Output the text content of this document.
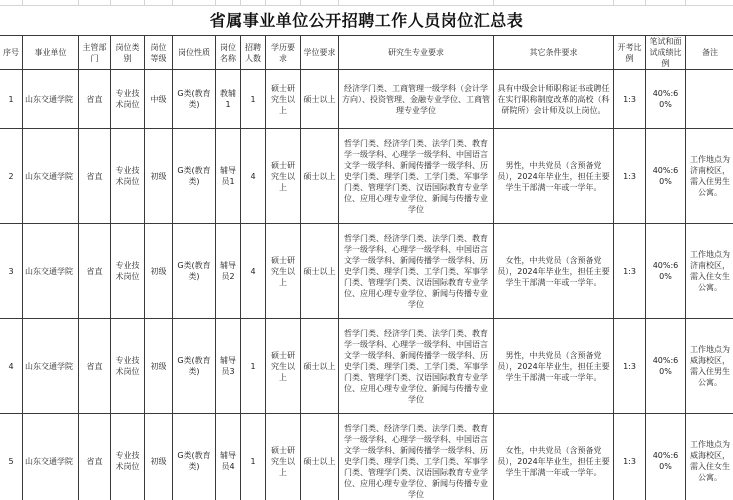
省属事业单位公开招聘工作人员岗位汇总表
序号	事业单位	主管部门	岗位类别	岗位等级	岗位性质	岗位名称	招聘人数	学历要求	学位要求	研究生专业要求	其它条件要求	开考比例	笔试和面试成绩比例	备注
1	山东交通学院	省直	专业技术岗位	中级	G类(教育类)	教辅1	1	硕士研究生以上	硕士以上	经济学门类、工商管理一级学科（会计学方向）、投资管理、金融专业学位、工商管理专业学位	具有中级会计师职称证书或聘任在实行职称制度改革的高校（科研院所）会计师及以上岗位。	1:3	40%:60%	
2	山东交通学院	省直	专业技术岗位	初级	G类(教育类)	辅导员1	4	硕士研究生以上	硕士以上	哲学门类、经济学门类、法学门类、教育学一级学科、心理学一级学科、中国语言文学一级学科、新闻传播学一级学科、历史学门类、理学门类、工学门类、军事学门类、管理学门类、汉语国际教育专业学位、应用心理专业学位、新闻与传播专业学位	男性，中共党员（含预备党员），2024年毕业生，担任主要学生干部满一年或一学年。	1:3	40%:60%	工作地点为济南校区，需入住男生公寓。
3	山东交通学院	省直	专业技术岗位	初级	G类(教育类)	辅导员2	4	硕士研究生以上	硕士以上	哲学门类、经济学门类、法学门类、教育学一级学科、心理学一级学科、中国语言文学一级学科、新闻传播学一级学科、历史学门类、理学门类、工学门类、军事学门类、管理学门类、汉语国际教育专业学位、应用心理专业学位、新闻与传播专业学位	女性，中共党员（含预备党员），2024年毕业生，担任主要学生干部满一年或一学年。	1:3	40%:60%	工作地点为济南校区，需入住女生公寓。
4	山东交通学院	省直	专业技术岗位	初级	G类(教育类)	辅导员3	1	硕士研究生以上	硕士以上	哲学门类、经济学门类、法学门类、教育学一级学科、心理学一级学科、中国语言文学一级学科、新闻传播学一级学科、历史学门类、理学门类、工学门类、军事学门类、管理学门类、汉语国际教育专业学位、应用心理专业学位、新闻与传播专业学位	男性，中共党员（含预备党员），2024年毕业生，担任主要学生干部满一年或一学年。	1:3	40%:60%	工作地点为威海校区，需入住男生公寓。
5	山东交通学院	省直	专业技术岗位	初级	G类(教育类)	辅导员4	1	硕士研究生以上	硕士以上	哲学门类、经济学门类、法学门类、教育学一级学科、心理学一级学科、中国语言文学一级学科、新闻传播学一级学科、历史学门类、理学门类、工学门类、军事学门类、管理学门类、汉语国际教育专业学位、应用心理专业学位、新闻与传播专业学位	女性，中共党员（含预备党员），2024年毕业生，担任主要学生干部满一年或一学年。	1:3	40%:60%	工作地点为威海校区，需入住女生公寓。
